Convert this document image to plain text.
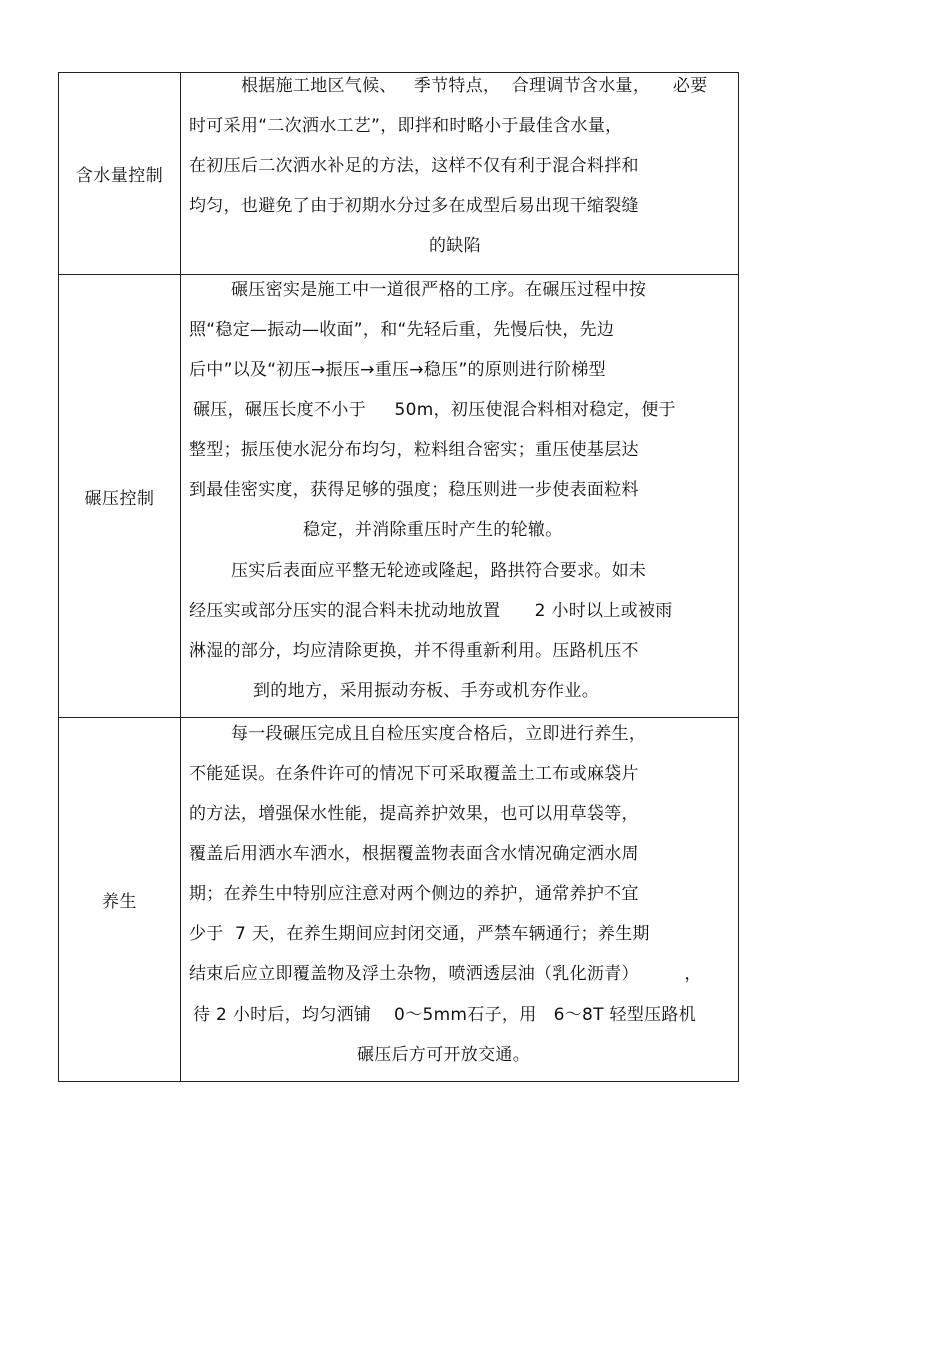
含水量控制
根据施工地区气候、   季节特点，  合理调节含水量，    必要
时可采用“二次洒水工艺”，即拌和时略小于最佳含水量，
在初压后二次洒水补足的方法，这样不仅有利于混合料拌和
均匀，也避免了由于初期水分过多在成型后易出现干缩裂缝
的缺陷
碾压控制
碾压密实是施工中一道很严格的工序。在碾压过程中按
照“稳定—振动—收面”，和“先轻后重，先慢后快，先边
后中”以及“初压→振压→重压→稳压”的原则进行阶梯型
碾压，碾压长度不小于     50m，初压使混合料相对稳定，便于
整型；振压使水泥分布均匀，粒料组合密实；重压使基层达
到最佳密实度，获得足够的强度；稳压则进一步使表面粒料
稳定，并消除重压时产生的轮辙。
压实后表面应平整无轮迹或隆起，路拱符合要求。如未
经压实或部分压实的混合料未扰动地放置      2 小时以上或被雨
淋湿的部分，均应清除更换，并不得重新利用。压路机压不
到的地方，采用振动夯板、手夯或机夯作业。
养生
每一段碾压完成且自检压实度合格后，立即进行养生，
不能延误。在条件许可的情况下可采取覆盖土工布或麻袋片
的方法，增强保水性能，提高养护效果，也可以用草袋等，
覆盖后用洒水车洒水，根据覆盖物表面含水情况确定洒水周
期；在养生中特别应注意对两个侧边的养护，通常养护不宜
少于  7 天，在养生期间应封闭交通，严禁车辆通行；养生期
结束后应立即覆盖物及浮土杂物，喷洒透层油（乳化沥青）        ，
待 2 小时后，均匀洒铺    0～5mm石子，用   6～8T 轻型压路机
碾压后方可开放交通。
